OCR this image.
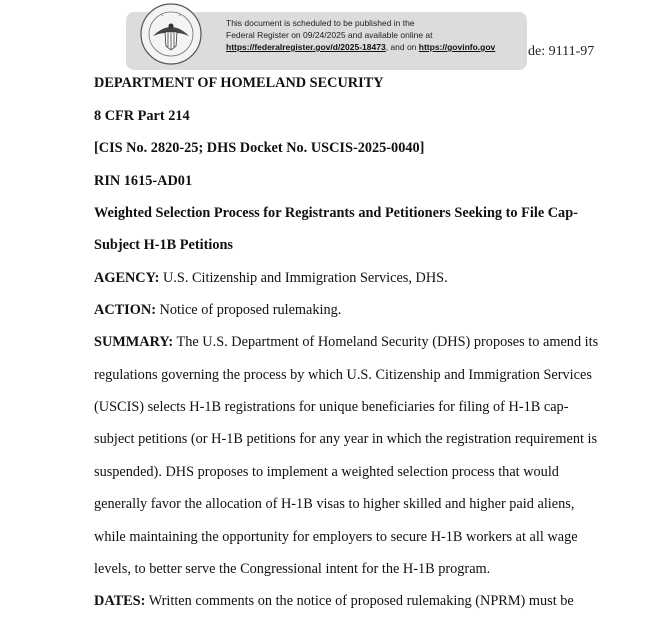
This document is scheduled to be published in the
Federal Register on 09/24/2025 and available online at
https://federalregister.gov/d/2025-18473, and on https://govinfo.gov	de: 9111-97
DEPARTMENT OF HOMELAND SECURITY
8 CFR Part 214
[CIS No. 2820-25; DHS Docket No. USCIS-2025-0040]
RIN 1615-AD01
Weighted Selection Process for Registrants and Petitioners Seeking to File Cap-
Subject H-1B Petitions
AGENCY: U.S. Citizenship and Immigration Services, DHS.
ACTION: Notice of proposed rulemaking.
SUMMARY: The U.S. Department of Homeland Security (DHS) proposes to amend its
regulations governing the process by which U.S. Citizenship and Immigration Services
(USCIS) selects H-1B registrations for unique beneficiaries for filing of H-1B cap-
subject petitions (or H-1B petitions for any year in which the registration requirement is
suspended). DHS proposes to implement a weighted selection process that would
generally favor the allocation of H-1B visas to higher skilled and higher paid aliens,
while maintaining the opportunity for employers to secure H-1B workers at all wage
levels, to better serve the Congressional intent for the H-1B program.
DATES: Written comments on the notice of proposed rulemaking (NPRM) must be
